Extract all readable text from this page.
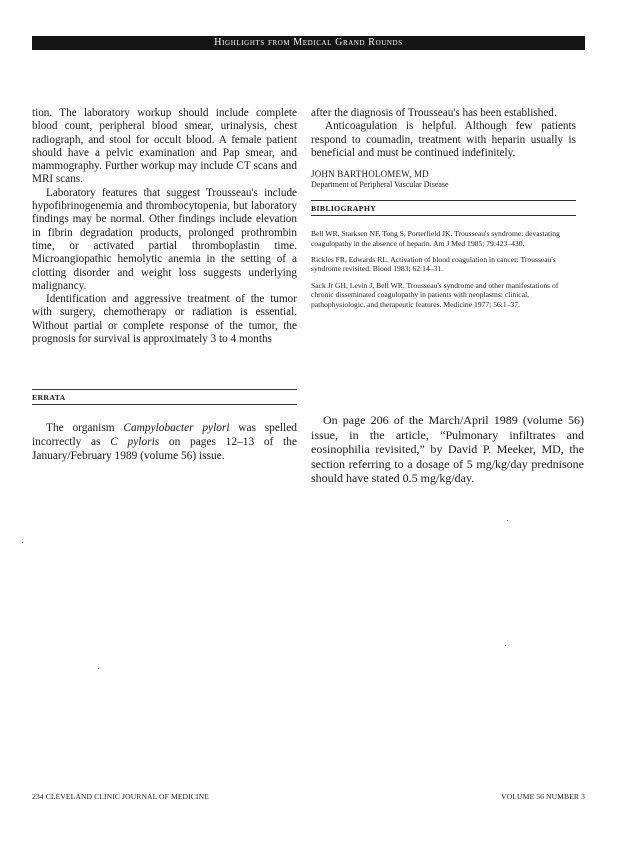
Highlights from Medical Grand Rounds

tion. The laboratory workup should include complete blood count, peripheral blood smear, urinalysis, chest radiograph, and stool for occult blood. A female patient should have a pelvic examination and Pap smear, and mammography. Further workup may include CT scans and MRI scans.

Laboratory features that suggest Trousseau's include hypofibrinogenemia and thrombocytopenia, but laboratory findings may be normal. Other findings include elevation in fibrin degradation products, prolonged prothrombin time, or activated partial thromboplastin time. Microangiopathic hemolytic anemia in the setting of a clotting disorder and weight loss suggests underlying malignancy.

Identification and aggressive treatment of the tumor with surgery, chemotherapy or radiation is essential. Without partial or complete response of the tumor, the prognosis for survival is approximately 3 to 4 months

after the diagnosis of Trousseau's has been established.

Anticoagulation is helpful. Although few patients respond to coumadin, treatment with heparin usually is beneficial and must be continued indefinitely.

JOHN BARTHOLOMEW, MD

Department of Peripheral Vascular Disease

BIBLIOGRAPHY

Bell WR, Starksen NF, Tong S, Porterfield JK. Trousseau's syndrome: devastating coagulopathy in the absence of heparin. Am J Med 1985; 79:423–430.

Rickles FR, Edwards RL. Activation of blood coagulation in cancer: Trousseau's syndrome revisited. Blood 1983; 62:14–31.

Sack Jr GH, Levin J, Bell WR. Trousseau's syndrome and other manifestations of chronic disseminated coagulopathy in patients with neoplasms: clinical, pathophysiologic, and therapeutic features. Medicine 1977; 56:1–37.

ERRATA

The organism Campylobacter pylori was spelled incorrectly as C pyloris on pages 12–13 of the January/February 1989 (volume 56) issue.

On page 206 of the March/April 1989 (volume 56) issue, in the article, “Pulmonary infiltrates and eosinophilia revisited,” by David P. Meeker, MD, the section referring to a dosage of 5 mg/kg/day prednisone should have stated 0.5 mg/kg/day.

234 CLEVELAND CLINIC JOURNAL OF MEDICINE	VOLUME 56 NUMBER 3
